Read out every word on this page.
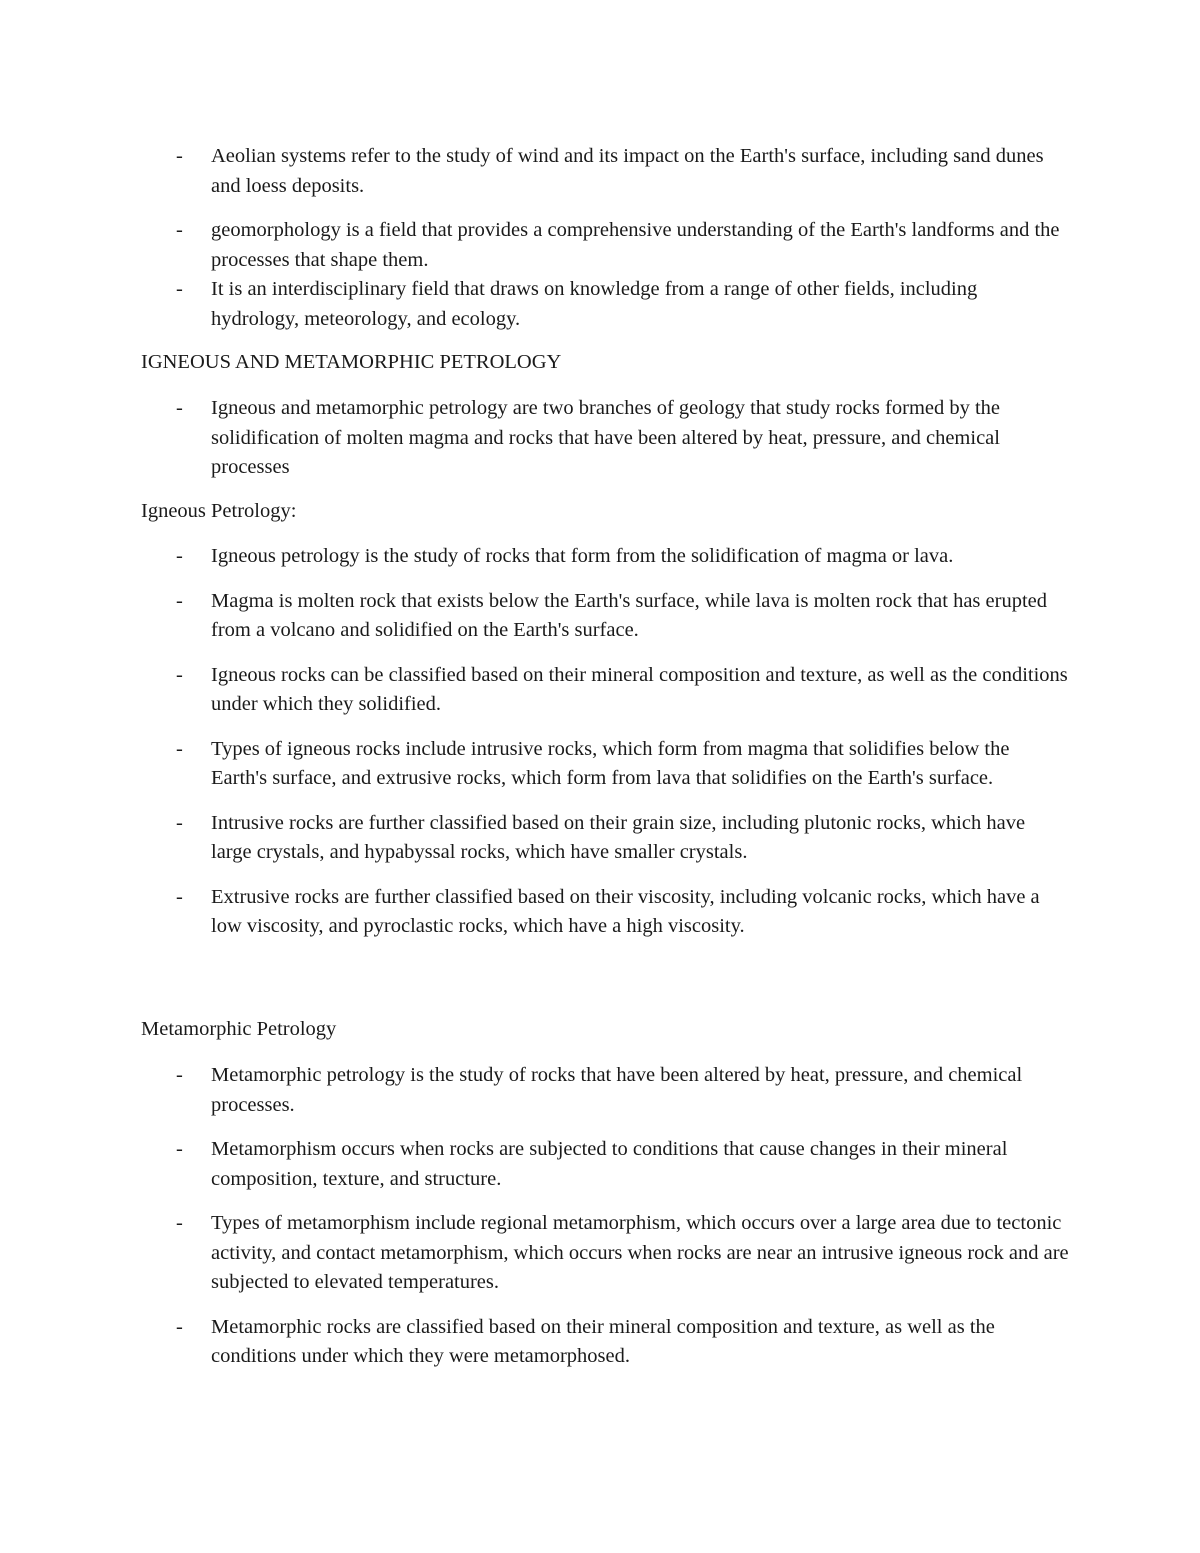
- Aeolian systems refer to the study of wind and its impact on the Earth's surface, including sand dunes and loess deposits.
- geomorphology is a field that provides a comprehensive understanding of the Earth's landforms and the processes that shape them.
- It is an interdisciplinary field that draws on knowledge from a range of other fields, including hydrology, meteorology, and ecology.
IGNEOUS AND METAMORPHIC PETROLOGY
- Igneous and metamorphic petrology are two branches of geology that study rocks formed by the solidification of molten magma and rocks that have been altered by heat, pressure, and chemical processes
Igneous Petrology:
- Igneous petrology is the study of rocks that form from the solidification of magma or lava.
- Magma is molten rock that exists below the Earth's surface, while lava is molten rock that has erupted from a volcano and solidified on the Earth's surface.
- Igneous rocks can be classified based on their mineral composition and texture, as well as the conditions under which they solidified.
- Types of igneous rocks include intrusive rocks, which form from magma that solidifies below the Earth's surface, and extrusive rocks, which form from lava that solidifies on the Earth's surface.
- Intrusive rocks are further classified based on their grain size, including plutonic rocks, which have large crystals, and hypabyssal rocks, which have smaller crystals.
- Extrusive rocks are further classified based on their viscosity, including volcanic rocks, which have a low viscosity, and pyroclastic rocks, which have a high viscosity.
Metamorphic Petrology
- Metamorphic petrology is the study of rocks that have been altered by heat, pressure, and chemical processes.
- Metamorphism occurs when rocks are subjected to conditions that cause changes in their mineral composition, texture, and structure.
- Types of metamorphism include regional metamorphism, which occurs over a large area due to tectonic activity, and contact metamorphism, which occurs when rocks are near an intrusive igneous rock and are subjected to elevated temperatures.
- Metamorphic rocks are classified based on their mineral composition and texture, as well as the conditions under which they were metamorphosed.
